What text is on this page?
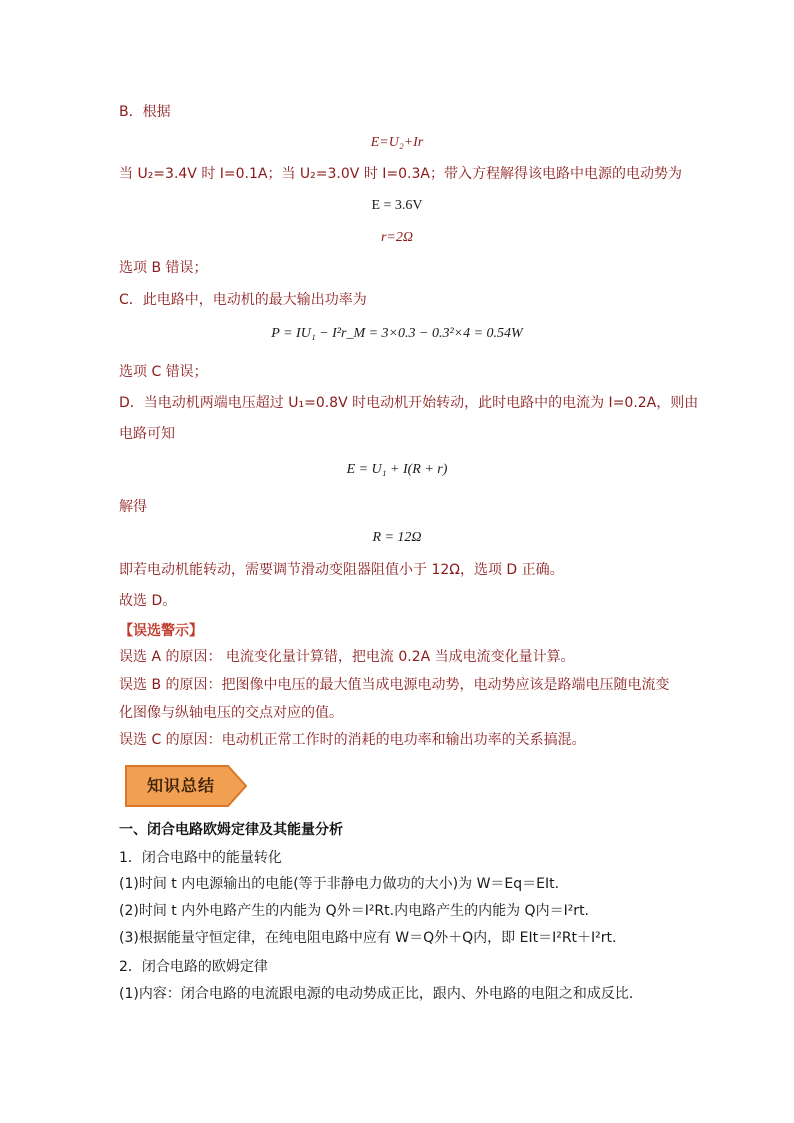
B．根据
E=U₂+Ir
当 U₂=3.4V 时 I=0.1A；当 U₂=3.0V 时 I=0.3A；带入方程解得该电路中电源的电动势为
E = 3.6V
r=2Ω
选项 B 错误；
C．此电路中，电动机的最大输出功率为
P = IU₁ − I²r_M = 3×0.3 − 0.3²×4 = 0.54W
选项 C 错误；
D．当电动机两端电压超过 U₁=0.8V 时电动机开始转动，此时电路中的电流为 I=0.2A，则由
电路可知
E = U₁ + I(R + r)
解得
R = 12Ω
即若电动机能转动，需要调节滑动变阻器阻值小于 12Ω，选项 D 正确。
故选 D。
【误选警示】
误选 A 的原因： 电流变化量计算错，把电流 0.2A 当成电流变化量计算。
误选 B 的原因：把图像中电压的最大值当成电源电动势，电动势应该是路端电压随电流变
化图像与纵轴电压的交点对应的值。
误选 C 的原因：电动机正常工作时的消耗的电功率和输出功率的关系搞混。
知识总结
一、闭合电路欧姆定律及其能量分析
1．闭合电路中的能量转化
(1)时间 t 内电源输出的电能(等于非静电力做功的大小)为 W＝Eq＝EIt.
(2)时间 t 内外电路产生的内能为 Q外＝I²Rt.内电路产生的内能为 Q内＝I²rt.
(3)根据能量守恒定律，在纯电阻电路中应有 W＝Q外＋Q内，即 EIt＝I²Rt＋I²rt.
2．闭合电路的欧姆定律
(1)内容：闭合电路的电流跟电源的电动势成正比，跟内、外电路的电阻之和成反比．
